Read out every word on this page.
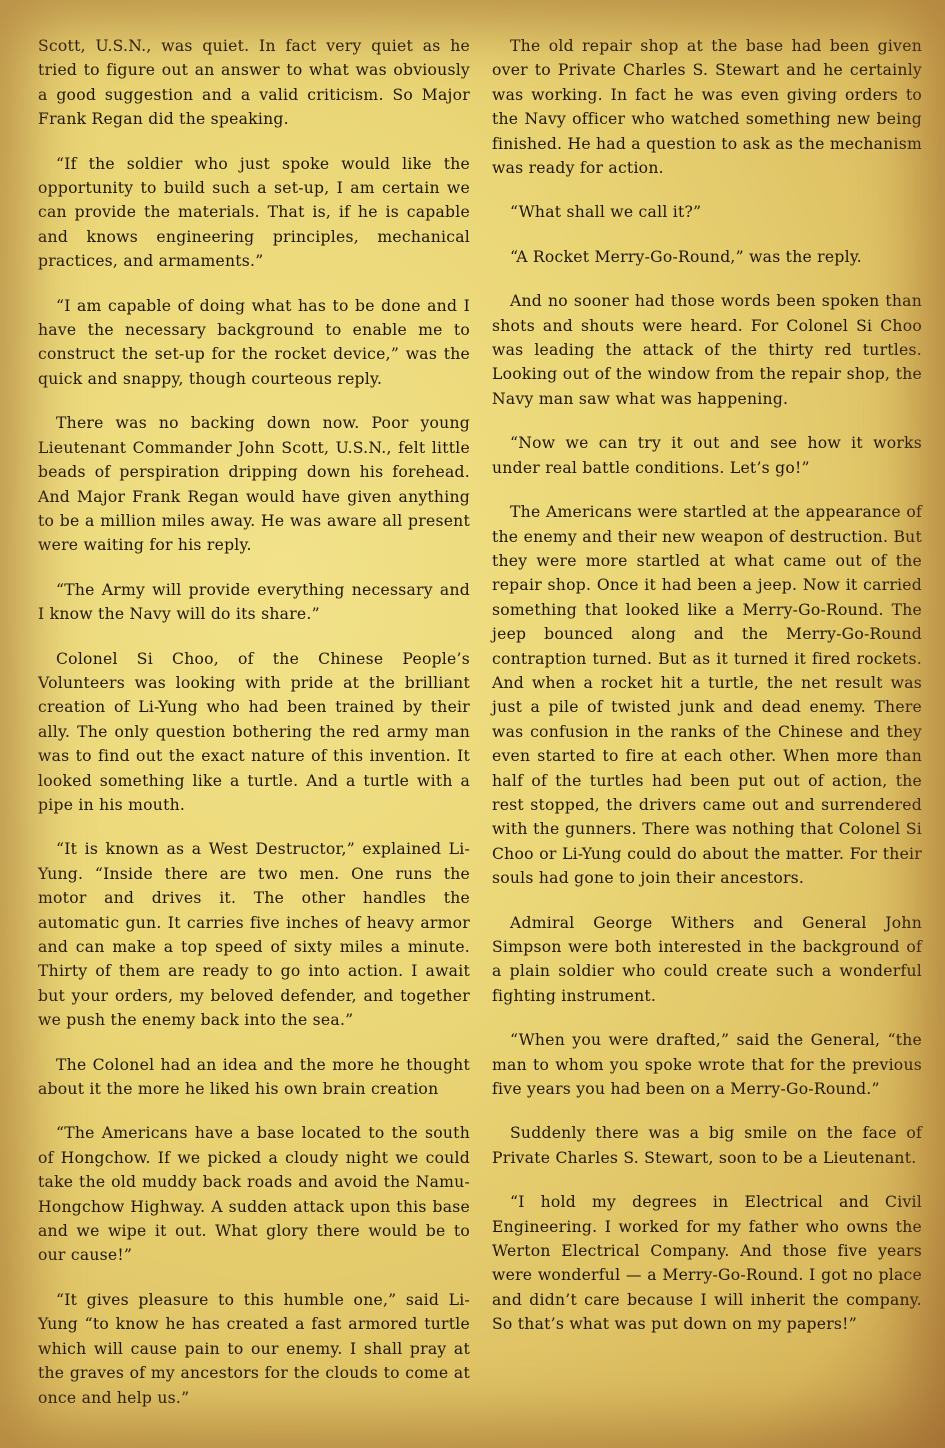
Scott, U.S.N., was quiet. In fact very quiet as he tried to figure out an answer to what was obviously a good suggestion and a valid criticism. So Major Frank Regan did the speaking.

“If the soldier who just spoke would like the opportunity to build such a set-up, I am certain we can provide the materials. That is, if he is capable and knows engineering principles, mechanical practices, and armaments.”

“I am capable of doing what has to be done and I have the necessary background to enable me to construct the set-up for the rocket device,” was the quick and snappy, though courteous reply.

There was no backing down now. Poor young Lieutenant Commander John Scott, U.S.N., felt little beads of perspiration dripping down his forehead. And Major Frank Regan would have given anything to be a million miles away. He was aware all present were waiting for his reply.

“The Army will provide everything necessary and I know the Navy will do its share.”

Colonel Si Choo, of the Chinese People’s Volunteers was looking with pride at the brilliant creation of Li-Yung who had been trained by their ally. The only question bothering the red army man was to find out the exact nature of this invention. It looked something like a turtle. And a turtle with a pipe in his mouth.

“It is known as a West Destructor,” explained Li-Yung. “Inside there are two men. One runs the motor and drives it. The other handles the automatic gun. It carries five inches of heavy armor and can make a top speed of sixty miles a minute. Thirty of them are ready to go into action. I await but your orders, my beloved defender, and together we push the enemy back into the sea.”

The Colonel had an idea and the more he thought about it the more he liked his own brain creation

“The Americans have a base located to the south of Hongchow. If we picked a cloudy night we could take the old muddy back roads and avoid the Namu-Hongchow Highway. A sudden attack upon this base and we wipe it out. What glory there would be to our cause!”

“It gives pleasure to this humble one,” said Li-Yung “to know he has created a fast armored turtle which will cause pain to our enemy. I shall pray at the graves of my ancestors for the clouds to come at once and help us.”

The old repair shop at the base had been given over to Private Charles S. Stewart and he certainly was working. In fact he was even giving orders to the Navy officer who watched something new being finished. He had a question to ask as the mechanism was ready for action.

“What shall we call it?”

“A Rocket Merry-Go-Round,” was the reply.

And no sooner had those words been spoken than shots and shouts were heard. For Colonel Si Choo was leading the attack of the thirty red turtles. Looking out of the window from the repair shop, the Navy man saw what was happening.

“Now we can try it out and see how it works under real battle conditions. Let’s go!”

The Americans were startled at the appearance of the enemy and their new weapon of destruction. But they were more startled at what came out of the repair shop. Once it had been a jeep. Now it carried something that looked like a Merry-Go-Round. The jeep bounced along and the Merry-Go-Round contraption turned. But as it turned it fired rockets. And when a rocket hit a turtle, the net result was just a pile of twisted junk and dead enemy. There was confusion in the ranks of the Chinese and they even started to fire at each other. When more than half of the turtles had been put out of action, the rest stopped, the drivers came out and surrendered with the gunners. There was nothing that Colonel Si Choo or Li-Yung could do about the matter. For their souls had gone to join their ancestors.

Admiral George Withers and General John Simpson were both interested in the background of a plain soldier who could create such a wonderful fighting instrument.

“When you were drafted,” said the General, “the man to whom you spoke wrote that for the previous five years you had been on a Merry-Go-Round.”

Suddenly there was a big smile on the face of Private Charles S. Stewart, soon to be a Lieutenant.

“I hold my degrees in Electrical and Civil Engineering. I worked for my father who owns the Werton Electrical Company. And those five years were wonderful — a Merry-Go-Round. I got no place and didn’t care because I will inherit the company. So that’s what was put down on my papers!”
